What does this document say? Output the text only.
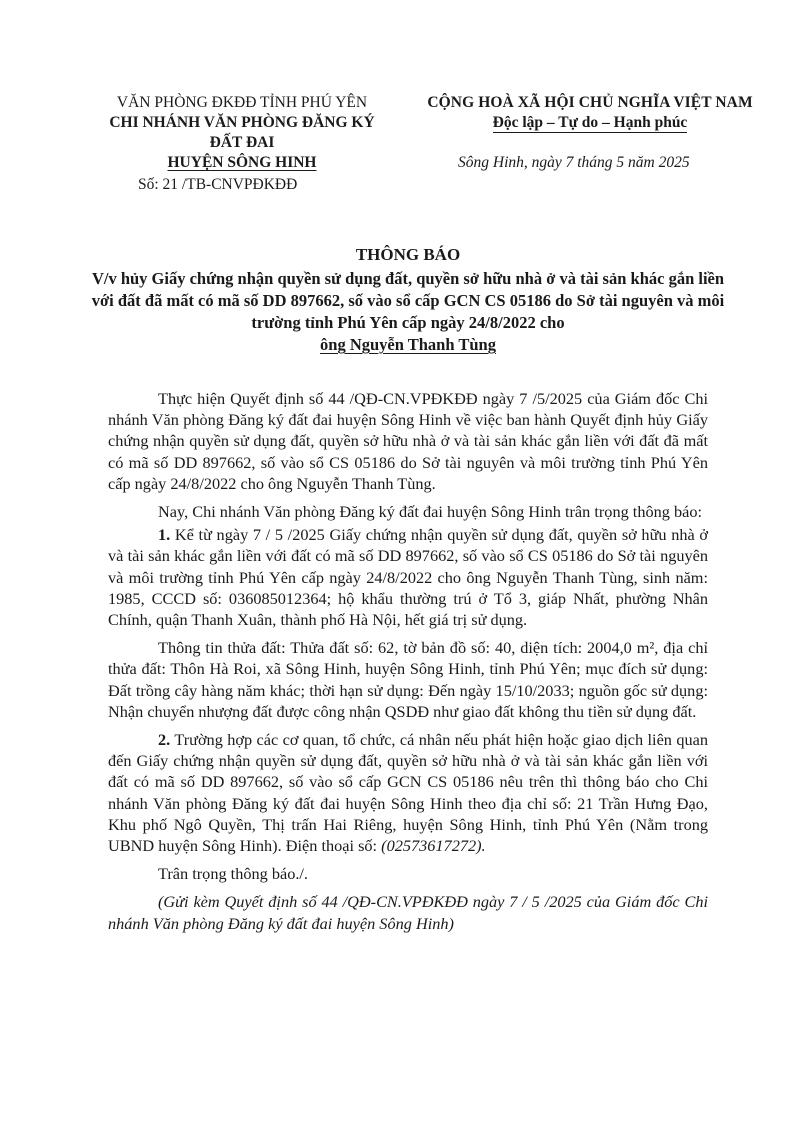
VĂN PHÒNG ĐKĐĐ TỈNH PHÚ YÊN
CHI NHÁNH VĂN PHÒNG ĐĂNG KÝ ĐẤT ĐAI
HUYỆN SÔNG HINH
Số: 21 /TB-CNVPĐKĐĐ
CỘNG HOÀ XÃ HỘI CHỦ NGHĨA VIỆT NAM
Độc lập – Tự do – Hạnh phúc
Sông Hinh, ngày 7 tháng 5 năm 2025
THÔNG BÁO
V/v hủy Giấy chứng nhận quyền sử dụng đất, quyền sở hữu nhà ở và tài sản khác gắn liền với đất đã mất có mã số DD 897662, số vào sổ cấp GCN CS 05186 do Sở tài nguyên và môi trường tỉnh Phú Yên cấp ngày 24/8/2022 cho
ông Nguyễn Thanh Tùng

Thực hiện Quyết định số 44 /QĐ-CN.VPĐKĐĐ ngày 7 /5/2025 của Giám đốc Chi nhánh Văn phòng Đăng ký đất đai huyện Sông Hinh về việc ban hành Quyết định hủy Giấy chứng nhận quyền sử dụng đất, quyền sở hữu nhà ở và tài sản khác gắn liền với đất đã mất có mã số DD 897662, số vào sổ CS 05186 do Sở tài nguyên và môi trường tỉnh Phú Yên cấp ngày 24/8/2022 cho ông Nguyễn Thanh Tùng.

Nay, Chi nhánh Văn phòng Đăng ký đất đai huyện Sông Hinh trân trọng thông báo:

1. Kể từ ngày 7 / 5 /2025 Giấy chứng nhận quyền sử dụng đất, quyền sở hữu nhà ở và tài sản khác gắn liền với đất có mã số DD 897662, số vào sổ CS 05186 do Sở tài nguyên và môi trường tỉnh Phú Yên cấp ngày 24/8/2022 cho ông Nguyễn Thanh Tùng, sinh năm: 1985, CCCD số: 036085012364; hộ khẩu thường trú ở Tổ 3, giáp Nhất, phường Nhân Chính, quận Thanh Xuân, thành phố Hà Nội, hết giá trị sử dụng.

Thông tin thửa đất: Thửa đất số: 62, tờ bản đồ số: 40, diện tích: 2004,0 m², địa chỉ thửa đất: Thôn Hà Roi, xã Sông Hinh, huyện Sông Hinh, tỉnh Phú Yên; mục đích sử dụng: Đất trồng cây hàng năm khác; thời hạn sử dụng: Đến ngày 15/10/2033; nguồn gốc sử dụng: Nhận chuyển nhượng đất được công nhận QSDĐ như giao đất không thu tiền sử dụng đất.

2. Trường hợp các cơ quan, tổ chức, cá nhân nếu phát hiện hoặc giao dịch liên quan đến Giấy chứng nhận quyền sử dụng đất, quyền sở hữu nhà ở và tài sản khác gắn liền với đất có mã số DD 897662, số vào sổ cấp GCN CS 05186 nêu trên thì thông báo cho Chi nhánh Văn phòng Đăng ký đất đai huyện Sông Hinh theo địa chỉ số: 21 Trần Hưng Đạo, Khu phố Ngô Quyền, Thị trấn Hai Riêng, huyện Sông Hinh, tỉnh Phú Yên (Nằm trong UBND huyện Sông Hinh). Điện thoại số: (02573617272).

Trân trọng thông báo./.

(Gửi kèm Quyết định số 44 /QĐ-CN.VPĐKĐĐ ngày 7 / 5 /2025 của Giám đốc Chi nhánh Văn phòng Đăng ký đất đai huyện Sông Hinh)
